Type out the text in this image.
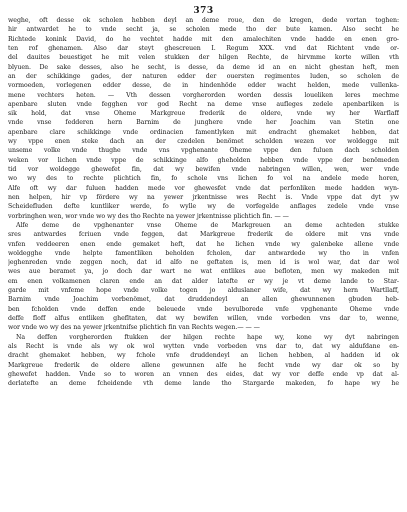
373
weghe, oft desse ok scholen hebben deyl an deme roue, den de kregen, dede vortan toghen:
hir antwardet he to vnde secht ja, se scholen mede tho der bute kamen. Also secht he
Richtede konink David, do he vechtet hadde mit den amalechiten vnde hadde en enen gro-
ten rof ghenamen. Also dar steyt ghescreuen I. Regum XXX. vnd dat Richtent vnde or-
del dauites beuestiget he mit velen stukken der hilgen Rechte, de hirvmme korte willen vth
blyuen. De sake desses, also he secht, is desse, da deme id an en nicht ghestan heft, men
an der schikkinge gades, der naturen edder der ouersten regimentes luden, so scholen de
vormoeden, vorlegenen edder desse, de in hindenhöde edder wacht helden, mede vullenka-
mene vechters heten. — Vth dessen vorgherorden worden dessis loueliken leres mechme
apenbare sluten vnde fegghen vor god Recht na deme vnse aufleges zedele apenbarliken is
sik hold, dat vnse Oheme Markgreue frederik de oldere, vnde wy her Warflaff
vnde vnse fedderen hern Barnim de junghere vnde her Joachim van Stetin one
apenbare clare schikkinge vnde ordinacien famentlyken mit endracht ghemaket hebben, dat
wy vppe enen steke dach an der czedelen benömet scholden wezen vor woldegge mit
unseme volke vnde thughe vnde vns vpghenante Oheme vppe den fuluen dach scholden
weken vor lichen vnde vppe de schikkinge alfo gheholden hebben vnde vppe der benömeden
tid vor woldegge ghewefet fin, dat wy bewifen vnde nabringen willen, wen, wer vnde
wo wy des to rechte plichtich fin, fo schole vns lichen fo vol na andele mede horen,
Alfe oft wy dar fuluen hadden mede vor ghewesfet vnde dat perfonliken mede hadden wyn-
nen helpen, hir vp fördere wy na yewer jrkentnisse wes Recht is. Vnde vppe dat dyt yw
Scheidefluden defte kuntliker werde, fo wylle wy de vorfegelde anflages zedele vnde vnse
vorbringhen wen, wor vnde wo wy des tho Rechte na yewer jrkentnisse plichtich fin. — —
Alfe deme de vpghenanter vnse Oheme de Markgreuen an deme achteden stukke
sres antwardes fcriuen vnde feggen, dat Markgreue frederik de oldere mit vns vnde
vnfen veddeeren enen ende gemaket heft, dat he lichen vnde wy galenbeke allene vnde
woldegghe vnde helpte famentliken beholden fcholen, dar antwardede wy tho in vnfen
jeghenreden vnde zeggen noch, dat id alfo ne geftaten is, men id is wol war, dat dar wol
wes aue beramet ya, jo doch dar wart ne wat entlikes aue befloten, men wy makeden mit
em enen volkamenen claren ende an dat alder latefte er wy je vt deme lande to Star-
garde mit vnfeme hope vnde volke togen jo alduslaner wife, dat wy hern Wartllaff,
Barnim vnde Joachim vorbenömet, dat druddendeyl an allen ghewunnenen gbuden heb-
ben fcholden vnde deffen ende beleuede vnde bevulborede vnfe vpghenante Oheme vnde
deffe floff alfus entliken ghefltaten, dat wy bewifen willen, vnde vorbeden vns dar to, wenne,
wor vnde wo wy des na yewer jrkentnifse plichtich fin van Rechts wegen.— — —
Na deffen vorgherorden ftukken der hilgen rechte hape wy, kone wy dyt nabringen
als Recht is vnde als wy ok wol wytten vnde vorbeden vns dar to, dat wy aldufdane en-
dracht ghemaket hebben, wy fchole vnfe druddendeyl an lichen hebben, al hadden id ok
Markgreue frederik de oldere allene gewunnen alfe he fecht vnde wy dar ok so by
ghewefet hadden. Vnde so to woren an vnnen des eides, dat wy vor deffe ende vp dat al-
derlatefte an deme fcheidende vth deme lande tho Stargarde makeden, fo hape wy he
